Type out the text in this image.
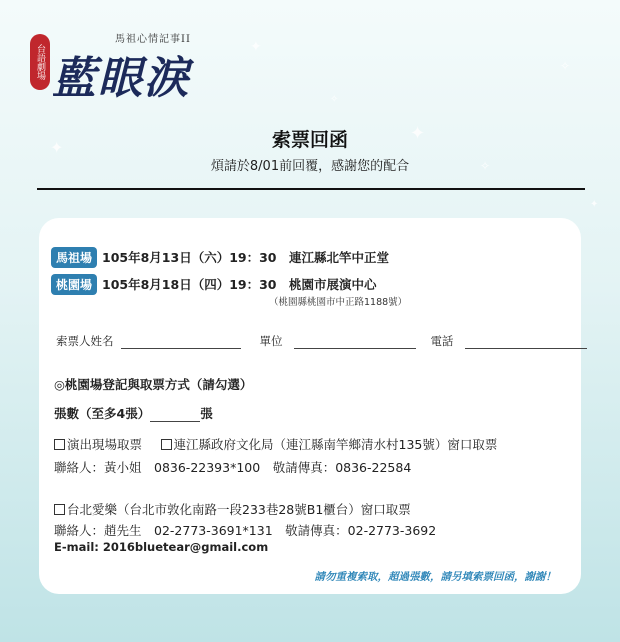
✦
✧
✦
✧
✦
✧
✦
台語劇場
馬祖心情記事II
藍眼淚
索票回函
煩請於8/01前回覆，感謝您的配合
馬祖場 105年8月13日（六）19：30　連江縣北竿中正堂
桃園場 105年8月18日（四）19：30　桃園市展演中心
（桃園縣桃園市中正路1188號）
索票人姓名	單位	電話
◎桃園場登記與取票方式（請勾選）
張數（至多4張）	張
演出現場取票　連江縣政府文化局（連江縣南竿鄉清水村135號）窗口取票
聯絡人：黃小姐　0836-22393*100　敬請傳真：0836-22584
台北愛樂（台北市敦化南路一段233巷28號B1櫃台）窗口取票
聯絡人：趙先生　02-2773-3691*131　敬請傳真：02-2773-3692
E-mail: 2016bluetear@gmail.com
請勿重複索取，超過張數，請另填索票回函，謝謝！
